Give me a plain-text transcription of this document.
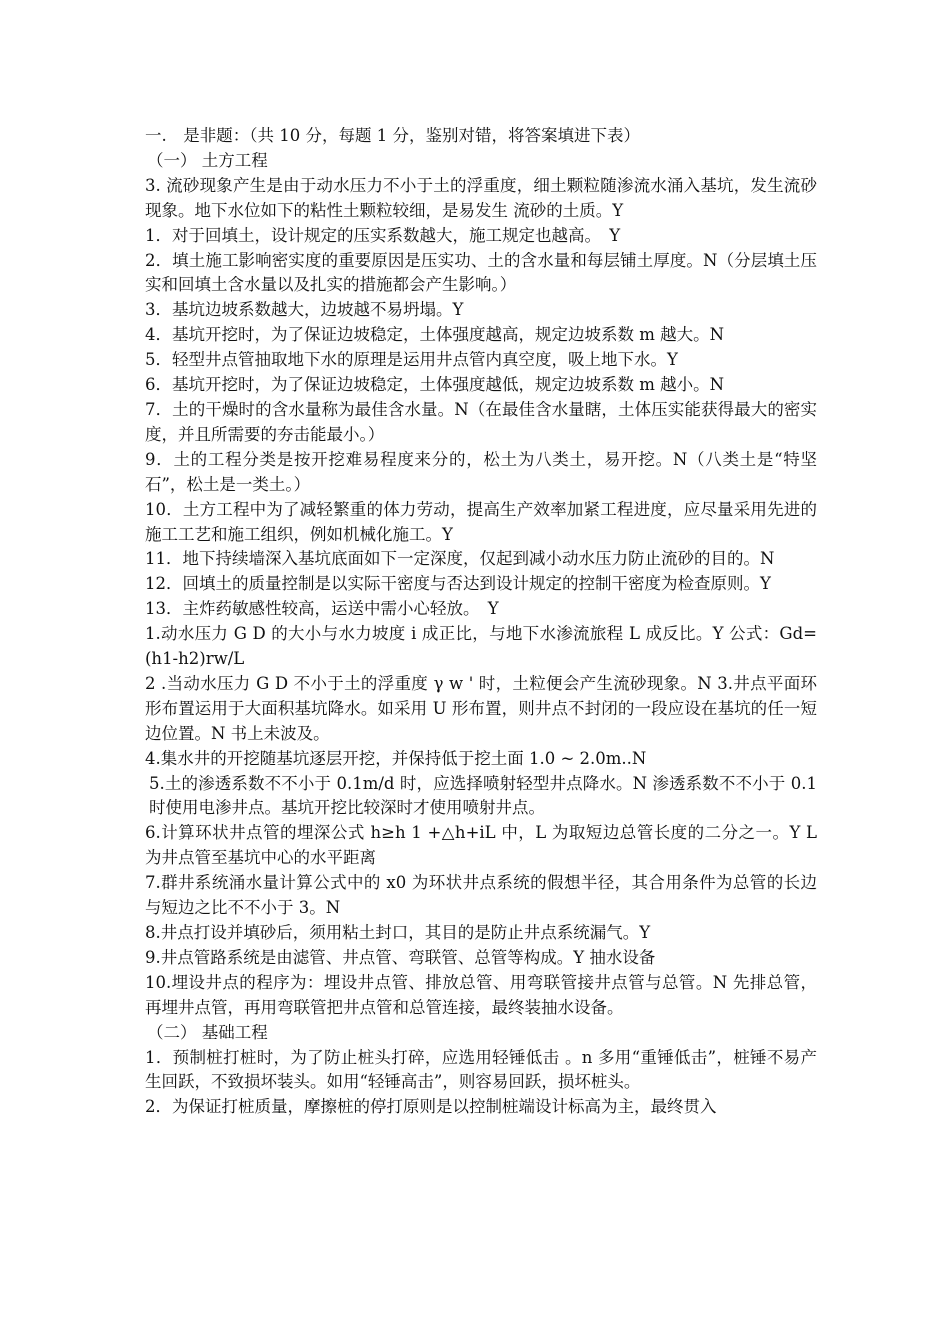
一.　是非题：（共 10 分，每题 1 分，鉴别对错，将答案填进下表）

（一） 土方工程

3. 流砂现象产生是由于动水压力不小于土的浮重度，细土颗粒随渗流水涌入基坑，发生流砂现象。地下水位如下的粘性土颗粒较细，是易发生 流砂的土质。Y

1．对于回填土，设计规定的压实系数越大，施工规定也越高。　Y

2．填土施工影响密实度的重要原因是压实功、土的含水量和每层铺土厚度。N（分层填土压实和回填土含水量以及扎实的措施都会产生影响。）

3．基坑边坡系数越大，边坡越不易坍塌。Y

4．基坑开挖时，为了保证边坡稳定，土体强度越高，规定边坡系数 m 越大。N

5．轻型井点管抽取地下水的原理是运用井点管内真空度，吸上地下水。Y

6．基坑开挖时，为了保证边坡稳定，土体强度越低，规定边坡系数 m 越小。N

7．土的干燥时的含水量称为最佳含水量。N（在最佳含水量瞎，土体压实能获得最大的密实度，并且所需要的夯击能最小。）

9．土的工程分类是按开挖难易程度来分的，松土为八类土，易开挖。N（八类土是“特坚石”，松土是一类土。）

10．土方工程中为了减轻繁重的体力劳动，提高生产效率加紧工程进度，应尽量采用先进的施工工艺和施工组织，例如机械化施工。Y

11．地下持续墙深入基坑底面如下一定深度，仅起到减小动水压力防止流砂的目的。N

12．回填土的质量控制是以实际干密度与否达到设计规定的控制干密度为检查原则。Y

13．主炸药敏感性较高，运送中需小心轻放。　Y

1.动水压力 G D 的大小与水力坡度 i 成正比，与地下水渗流旅程 L 成反比。Y 公式：Gd=(h1-h2)rw/L

2 .当动水压力 G D 不小于土的浮重度 γ w ' 时，土粒便会产生流砂现象。N 3.井点平面环形布置运用于大面积基坑降水。如采用 U 形布置，则井点不封闭的一段应设在基坑的任一短边位置。N 书上未波及。

4.集水井的开挖随基坑逐层开挖，并保持低于挖土面 1.0 ~ 2.0m..N

5.土的渗透系数不不小于 0.1m/d 时，应选择喷射轻型井点降水。N 渗透系数不不小于 0.1 时使用电渗井点。基坑开挖比较深时才使用喷射井点。

6.计算环状井点管的埋深公式 h≥h 1 +△h+iL 中，L 为取短边总管长度的二分之一。Y L 为井点管至基坑中心的水平距离

7.群井系统涌水量计算公式中的 x0 为环状井点系统的假想半径，其合用条件为总管的长边与短边之比不不小于 3。N

8.井点打设并填砂后，须用粘土封口，其目的是防止井点系统漏气。Y

9.井点管路系统是由滤管、井点管、弯联管、总管等构成。Y 抽水设备

10.埋设井点的程序为：埋设井点管、排放总管、用弯联管接井点管与总管。N 先排总管，再埋井点管，再用弯联管把井点管和总管连接，最终装抽水设备。

（二） 基础工程

1．预制桩打桩时，为了防止桩头打碎，应选用轻锤低击 。n 多用“重锤低击”，桩锤不易产生回跃，不致损坏装头。如用“轻锤高击”，则容易回跃，损坏桩头。

2．为保证打桩质量，摩擦桩的停打原则是以控制桩端设计标高为主，最终贯入
